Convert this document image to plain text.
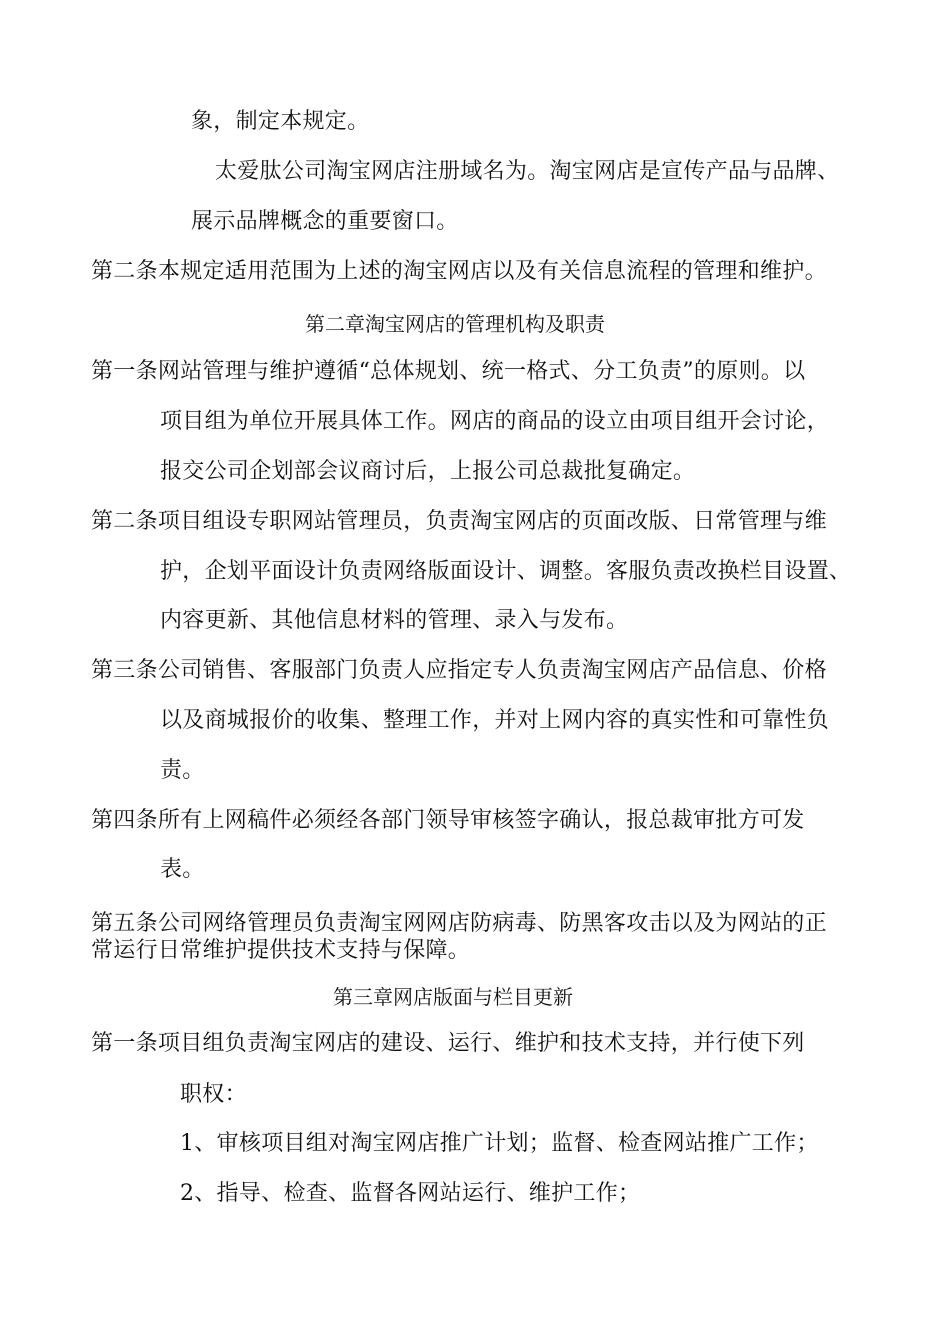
象，制定本规定。
太爱肽公司淘宝网店注册域名为。淘宝网店是宣传产品与品牌、
展示品牌概念的重要窗口。
第二条本规定适用范围为上述的淘宝网店以及有关信息流程的管理和维护。
第二章淘宝网店的管理机构及职责
第一条网站管理与维护遵循“总体规划、统一格式、分工负责”的原则。以
项目组为单位开展具体工作。网店的商品的设立由项目组开会讨论，
报交公司企划部会议商讨后，上报公司总裁批复确定。
第二条项目组设专职网站管理员，负责淘宝网店的页面改版、日常管理与维
护，企划平面设计负责网络版面设计、调整。客服负责改换栏目设置、
内容更新、其他信息材料的管理、录入与发布。
第三条公司销售、客服部门负责人应指定专人负责淘宝网店产品信息、价格
以及商城报价的收集、整理工作，并对上网内容的真实性和可靠性负
责。
第四条所有上网稿件必须经各部门领导审核签字确认，报总裁审批方可发
表。
第五条公司网络管理员负责淘宝网网店防病毒、防黑客攻击以及为网站的正
常运行日常维护提供技术支持与保障。
第三章网店版面与栏目更新
第一条项目组负责淘宝网店的建设、运行、维护和技术支持，并行使下列
职权：
1、审核项目组对淘宝网店推广计划；监督、检查网站推广工作；
2、指导、检查、监督各网站运行、维护工作；
